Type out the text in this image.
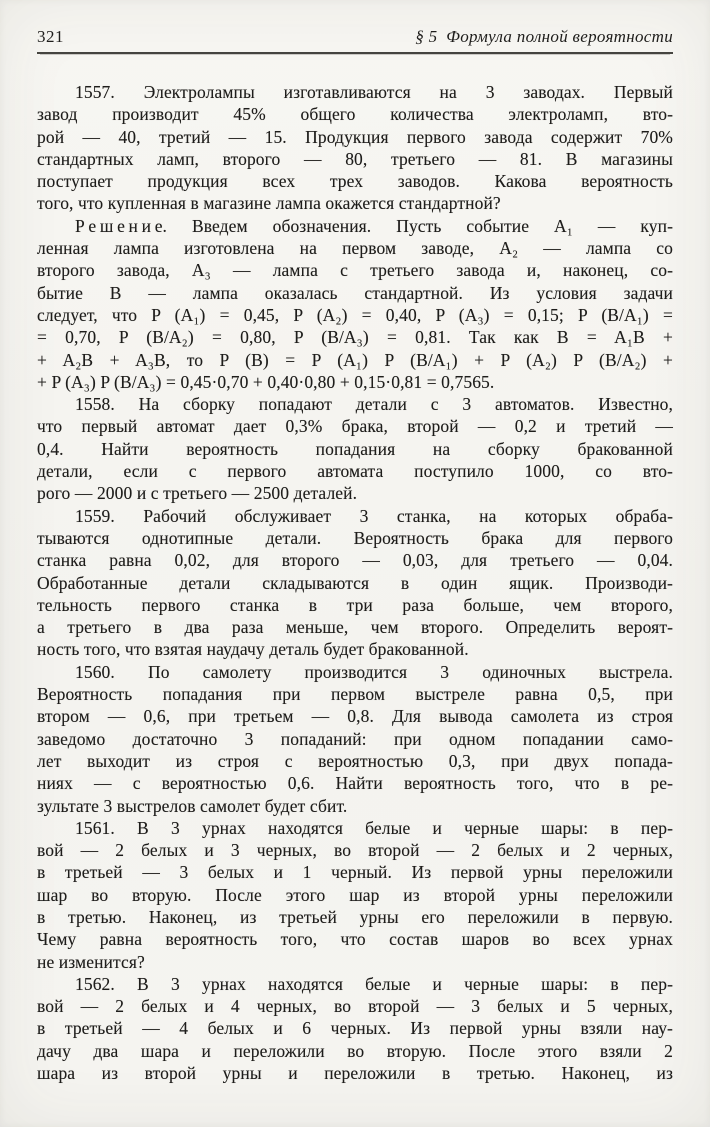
321	§ 5 Формула полной вероятности
1557. Электролампы изготавливаются на 3 заводах. Первый
завод производит 45% общего количества электроламп, вто-
рой — 40, третий — 15. Продукция первого завода содержит 70%
стандартных ламп, второго — 80, третьего — 81. В магазины
поступает продукция всех трех заводов. Какова вероятность
того, что купленная в магазине лампа окажется стандартной?
Р е ш е н и е. Введем обозначения. Пусть событие A₁ — куп-
ленная лампа изготовлена на первом заводе, A₂ — лампа со
второго завода, A₃ — лампа с третьего завода и, наконец, со-
бытие B — лампа оказалась стандартной. Из условия задачи
следует, что P (A₁) = 0,45, P (A₂) = 0,40, P (A₃) = 0,15; P (B/A₁) =
= 0,70, P (B/A₂) = 0,80, P (B/A₃) = 0,81. Так как B = A₁B +
+ A₂B + A₃B, то P (B) = P (A₁) P (B/A₁) + P (A₂) P (B/A₂) +
+ P (A₃) P (B/A₃) = 0,45·0,70 + 0,40·0,80 + 0,15·0,81 = 0,7565.
1558. На сборку попадают детали с 3 автоматов. Известно,
что первый автомат дает 0,3% брака, второй — 0,2 и третий —
0,4. Найти вероятность попадания на сборку бракованной
детали, если с первого автомата поступило 1000, со вто-
рого — 2000 и с третьего — 2500 деталей.
1559. Рабочий обслуживает 3 станка, на которых обраба-
тываются однотипные детали. Вероятность брака для первого
станка равна 0,02, для второго — 0,03, для третьего — 0,04.
Обработанные детали складываются в один ящик. Производи-
тельность первого станка в три раза больше, чем второго,
а третьего в два раза меньше, чем второго. Определить вероят-
ность того, что взятая наудачу деталь будет бракованной.
1560. По самолету производится 3 одиночных выстрела.
Вероятность попадания при первом выстреле равна 0,5, при
втором — 0,6, при третьем — 0,8. Для вывода самолета из строя
заведомо достаточно 3 попаданий: при одном попадании само-
лет выходит из строя с вероятностью 0,3, при двух попада-
ниях — с вероятностью 0,6. Найти вероятность того, что в ре-
зультате 3 выстрелов самолет будет сбит.
1561. В 3 урнах находятся белые и черные шары: в пер-
вой — 2 белых и 3 черных, во второй — 2 белых и 2 черных,
в третьей — 3 белых и 1 черный. Из первой урны переложили
шар во вторую. После этого шар из второй урны переложили
в третью. Наконец, из третьей урны его переложили в первую.
Чему равна вероятность того, что состав шаров во всех урнах
не изменится?
1562. В 3 урнах находятся белые и черные шары: в пер-
вой — 2 белых и 4 черных, во второй — 3 белых и 5 черных,
в третьей — 4 белых и 6 черных. Из первой урны взяли нау-
дачу два шара и переложили во вторую. После этого взяли 2
шара из второй урны и переложили в третью. Наконец, из
